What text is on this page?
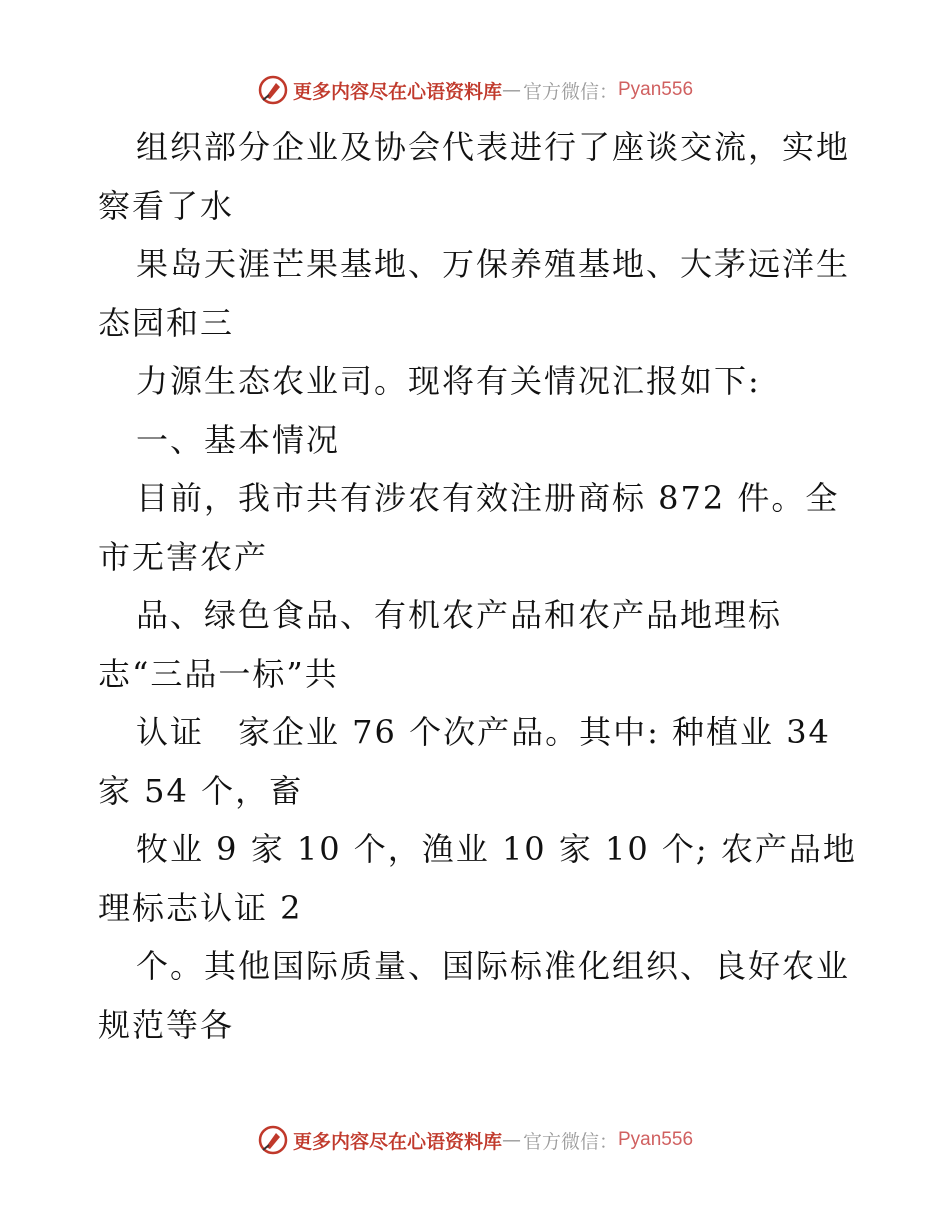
更多内容尽在心语资料库 — 官方微信： Pyan556
组织部分企业及协会代表进行了座谈交流，实地
察看了水
果岛天涯芒果基地、万保养殖基地、大茅远洋生
态园和三
力源生态农业司。现将有关情况汇报如下:
一、基本情况
目前，我市共有涉农有效注册商标 872 件。全
市无害农产
品、绿色食品、有机农产品和农产品地理标
志“三品一标”共
认证　家企业 76 个次产品。其中: 种植业 34
家 54 个，畜
牧业 9 家 10 个，渔业 10 家 10 个; 农产品地
理标志认证 2
个。其他国际质量、国际标准化组织、良好农业
规范等各
更多内容尽在心语资料库 — 官方微信： Pyan556
